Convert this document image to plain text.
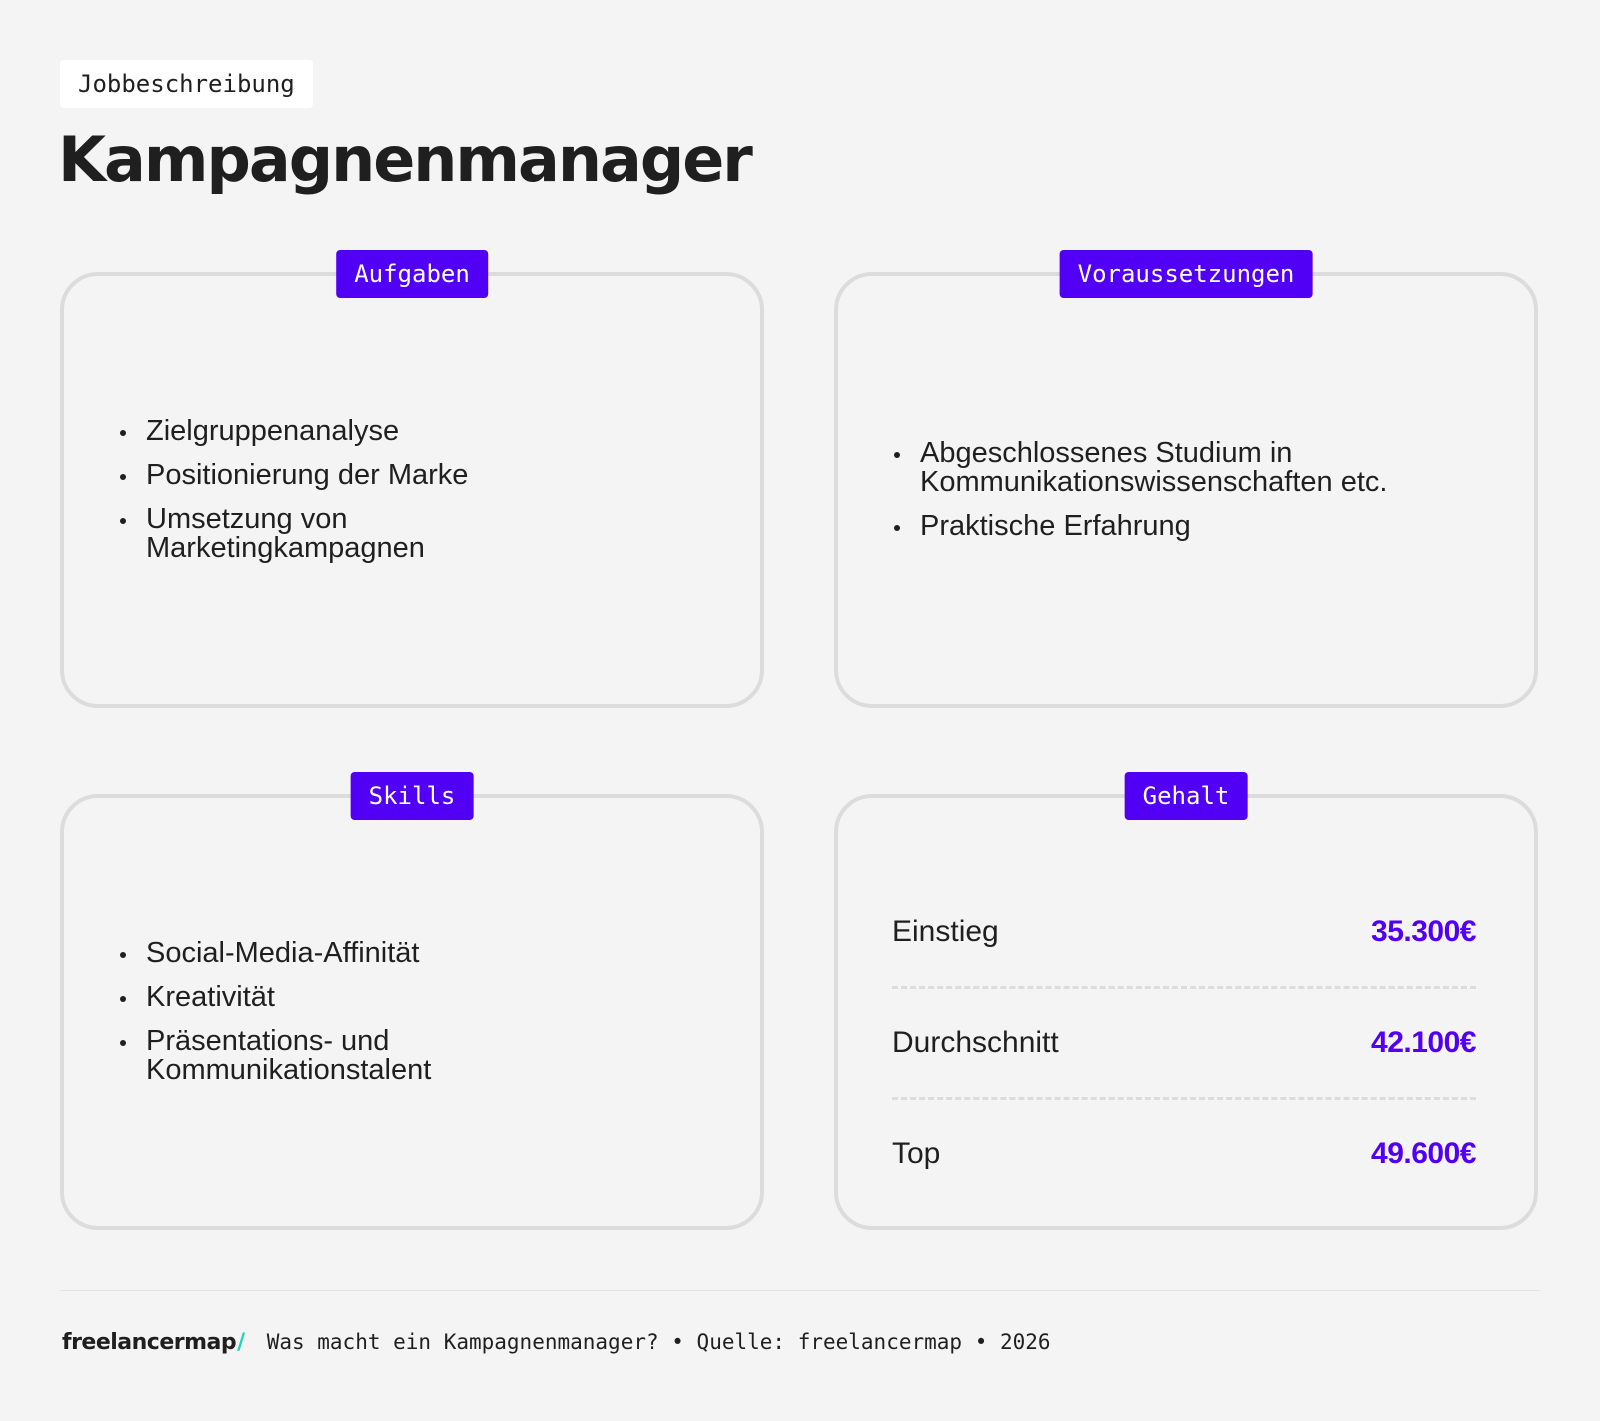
Jobbeschreibung
Kampagnenmanager
Aufgaben
Zielgruppenanalyse
Positionierung der Marke
Umsetzung von Marketingkampagnen
Voraussetzungen
Abgeschlossenes Studium in Kommunikationswissenschaften etc.
Praktische Erfahrung
Skills
Social-Media-Affinität
Kreativität
Präsentations- und Kommunikationstalent
Gehalt
Einstieg	35.300€
Durchschnitt	42.100€
Top	49.600€
freelancermap/ Was macht ein Kampagnenmanager? • Quelle: freelancermap • 2026
